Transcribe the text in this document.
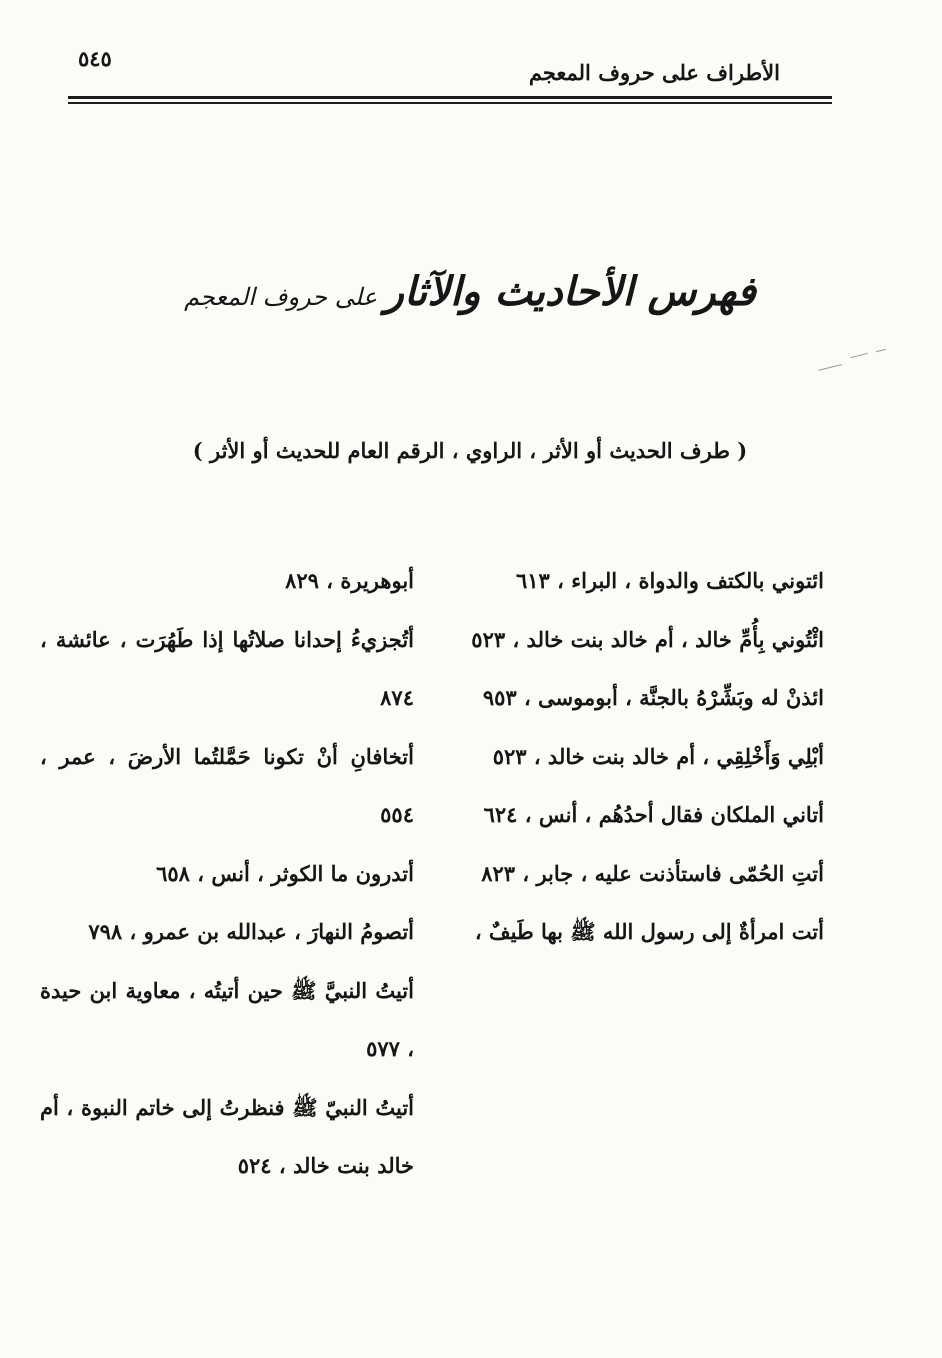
الأطراف على حروف المعجم
٥٤٥
فهرس الأحاديث والآثار على حروف المعجم
( طرف الحديث أو الأثر ، الراوي ، الرقم العام للحديث أو الأثر )

ائتوني بالكتف والدواة ، البراء ، ٦١٣

ائْتُوني بِأُمِّ خالد ، أم خالد بنت خالد ، ٥٢٣

ائذنْ له وبَشِّرْهُ بالجنَّة ، أبوموسى ، ٩٥٣

أبْلِي وَأَخْلِقِي ، أم خالد بنت خالد ، ٥٢٣

أتاني الملكان فقال أحدُهُم ، أنس ، ٦٢٤

أتتِ الحُمّى فاستأذنت عليه ، جابر ، ٨٢٣

أتت امرأةٌ إلى رسول الله ﷺ بها طَيفٌ ،

أبوهريرة ، ٨٢٩

أتُجزيءُ إحدانا صلاتُها إذا طَهُرَت ، عائشة ، ٨٧٤

أتخافانِ أنْ تكونا حَمَّلتُما الأرضَ ، عمر ، ٥٥٤

أتدرون ما الكوثر ، أنس ، ٦٥٨

أتصومُ النهارَ ، عبدالله بن عمرو ، ٧٩٨

أتيتُ النبيَّ ﷺ حين أتيتُه ، معاوية ابن حيدة ، ٥٧٧

أتيتُ النبيّ ﷺ فنظرتُ إلى خاتم النبوة ، أم خالد بنت خالد ، ٥٢٤
